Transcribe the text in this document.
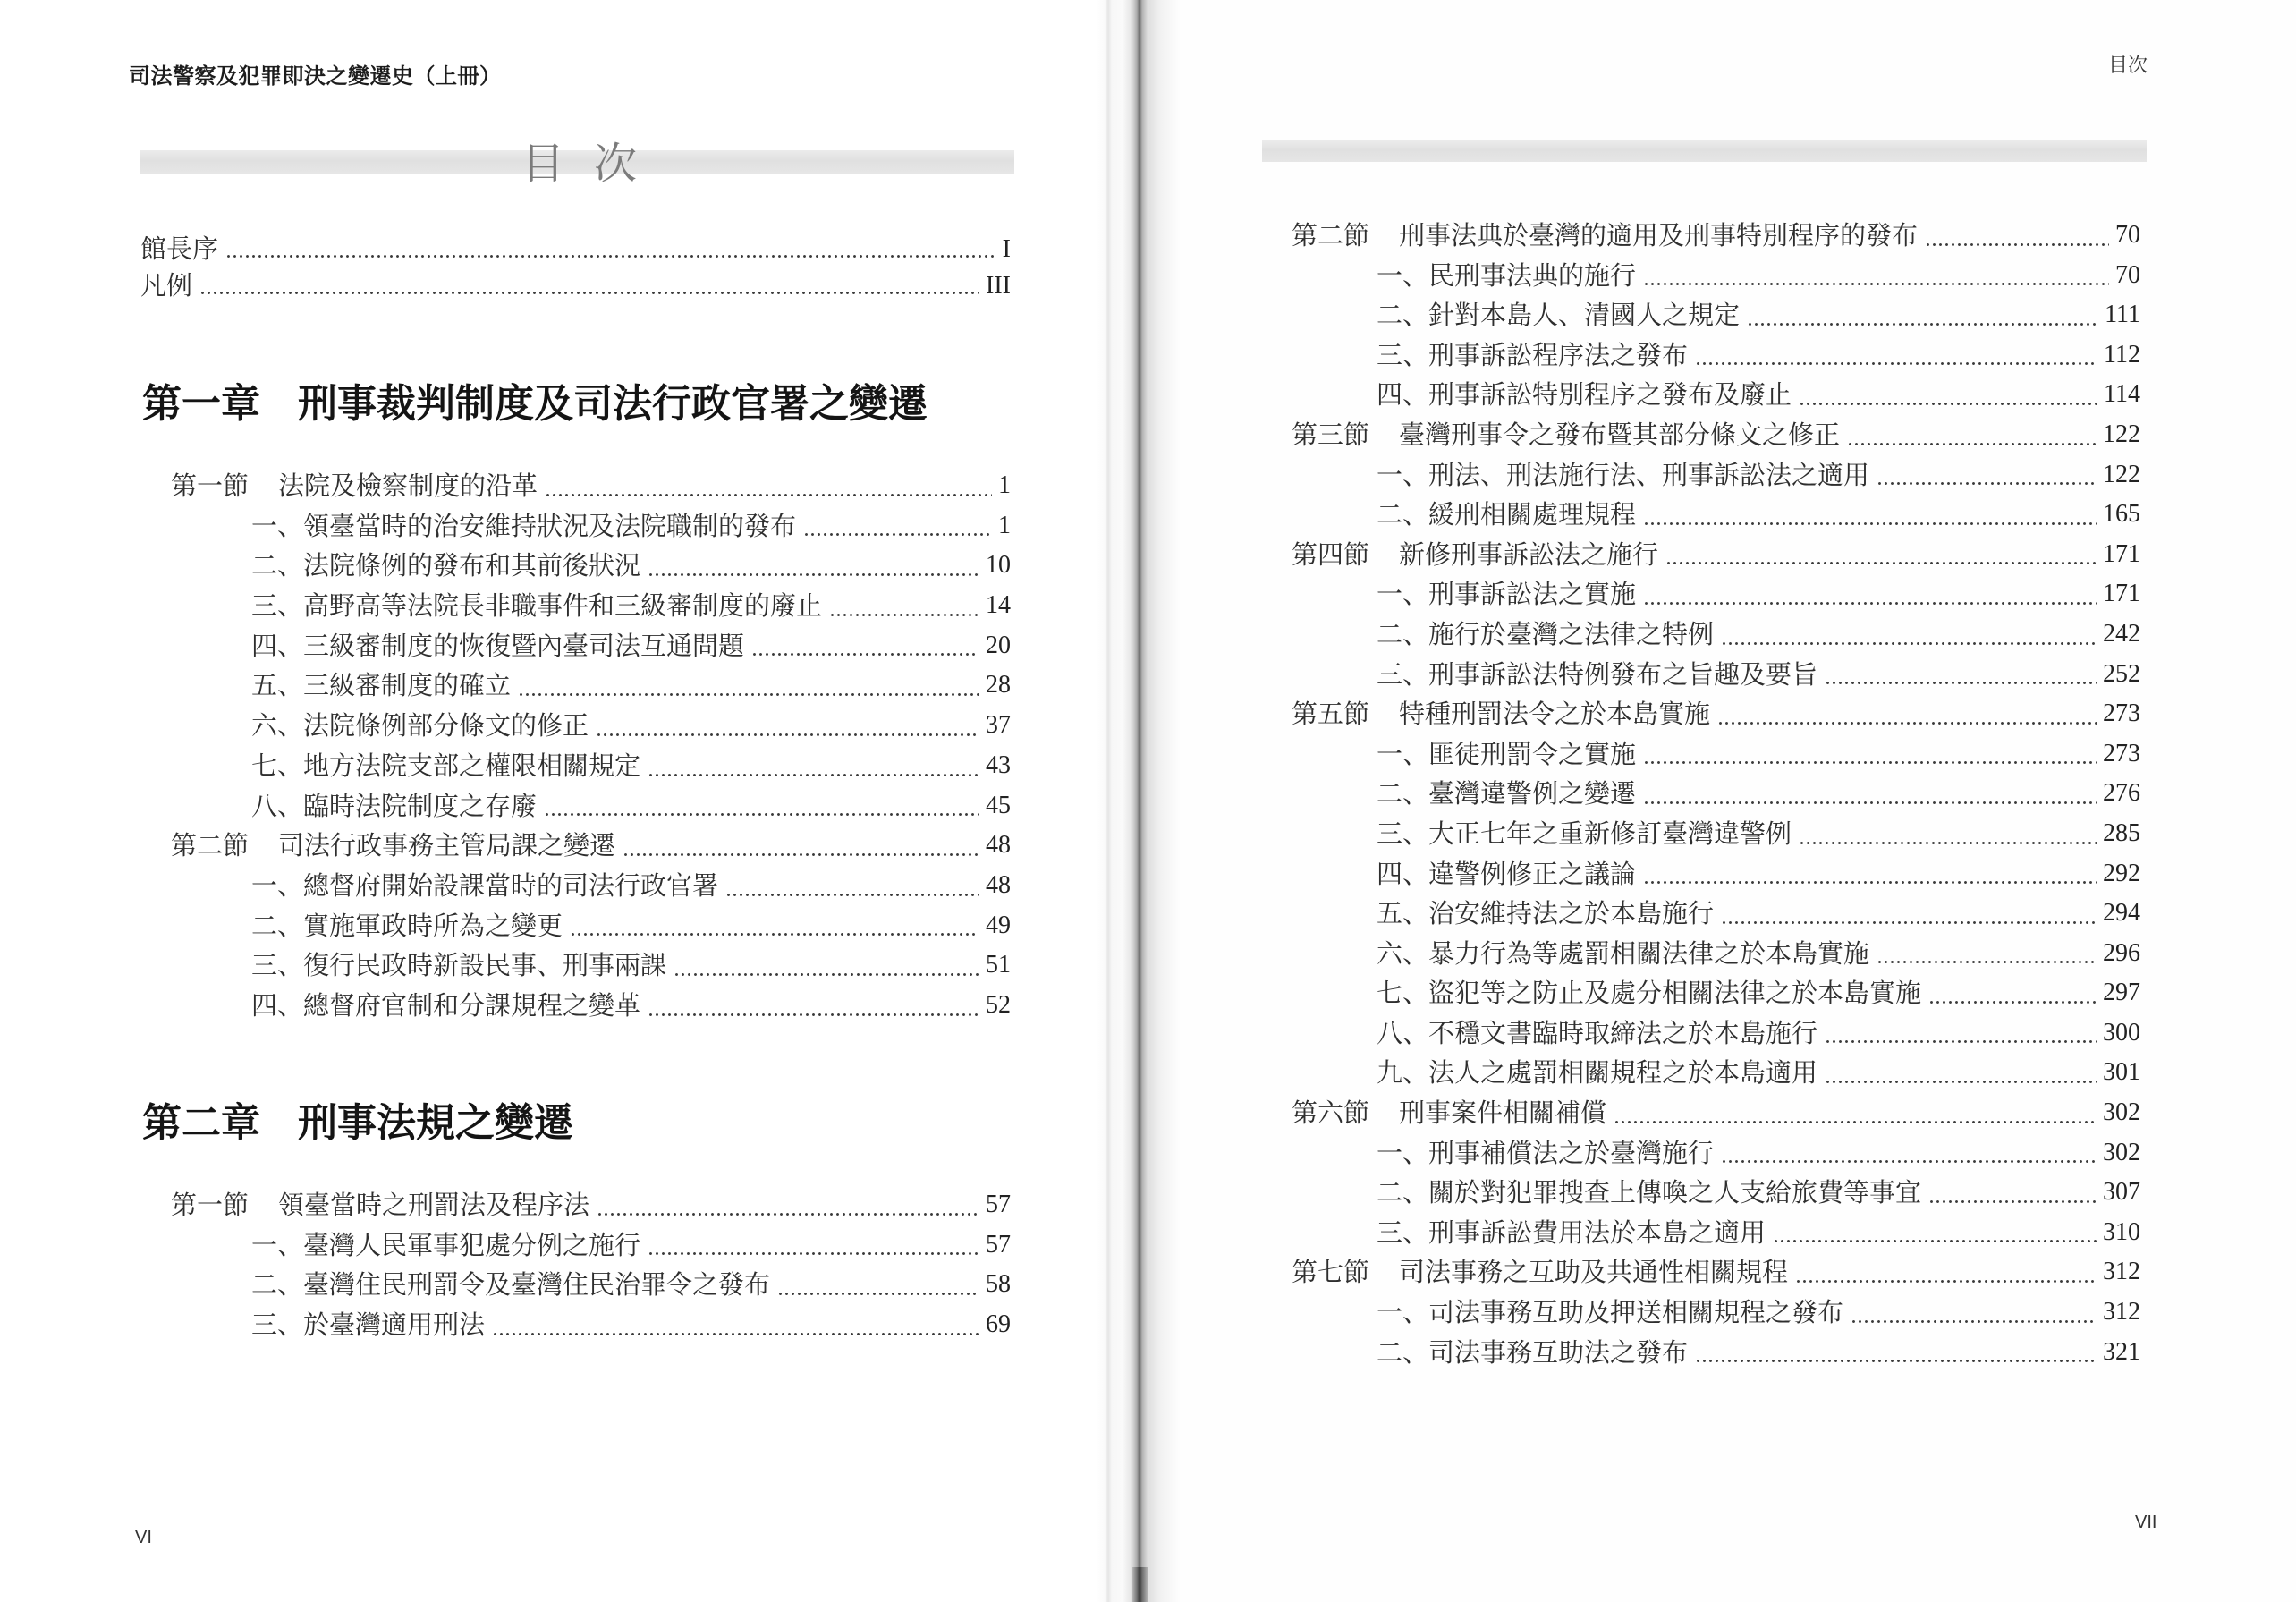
司法警察及犯罪即決之變遷史（上冊）
目次
館長序	I
凡例	III
第一章 刑事裁判制度及司法行政官署之變遷
第一節 法院及檢察制度的沿革	1
一、領臺當時的治安維持狀況及法院職制的發布	1
二、法院條例的發布和其前後狀況	10
三、高野高等法院長非職事件和三級審制度的廢止	14
四、三級審制度的恢復暨內臺司法互通問題	20
五、三級審制度的確立	28
六、法院條例部分條文的修正	37
七、地方法院支部之權限相關規定	43
八、臨時法院制度之存廢	45
第二節 司法行政事務主管局課之變遷	48
一、總督府開始設課當時的司法行政官署	48
二、實施軍政時所為之變更	49
三、復行民政時新設民事、刑事兩課	51
四、總督府官制和分課規程之變革	52
第二章 刑事法規之變遷
第一節 領臺當時之刑罰法及程序法	57
一、臺灣人民軍事犯處分例之施行	57
二、臺灣住民刑罰令及臺灣住民治罪令之發布	58
三、於臺灣適用刑法	69
VI
目次
第二節 刑事法典於臺灣的適用及刑事特別程序的發布	70
一、民刑事法典的施行	70
二、針對本島人、清國人之規定	111
三、刑事訴訟程序法之發布	112
四、刑事訴訟特別程序之發布及廢止	114
第三節 臺灣刑事令之發布暨其部分條文之修正	122
一、刑法、刑法施行法、刑事訴訟法之適用	122
二、緩刑相關處理規程	165
第四節 新修刑事訴訟法之施行	171
一、刑事訴訟法之實施	171
二、施行於臺灣之法律之特例	242
三、刑事訴訟法特例發布之旨趣及要旨	252
第五節 特種刑罰法令之於本島實施	273
一、匪徒刑罰令之實施	273
二、臺灣違警例之變遷	276
三、大正七年之重新修訂臺灣違警例	285
四、違警例修正之議論	292
五、治安維持法之於本島施行	294
六、暴力行為等處罰相關法律之於本島實施	296
七、盜犯等之防止及處分相關法律之於本島實施	297
八、不穩文書臨時取締法之於本島施行	300
九、法人之處罰相關規程之於本島適用	301
第六節 刑事案件相關補償	302
一、刑事補償法之於臺灣施行	302
二、關於對犯罪搜查上傳喚之人支給旅費等事宜	307
三、刑事訴訟費用法於本島之適用	310
第七節 司法事務之互助及共通性相關規程	312
一、司法事務互助及押送相關規程之發布	312
二、司法事務互助法之發布	321
VII
